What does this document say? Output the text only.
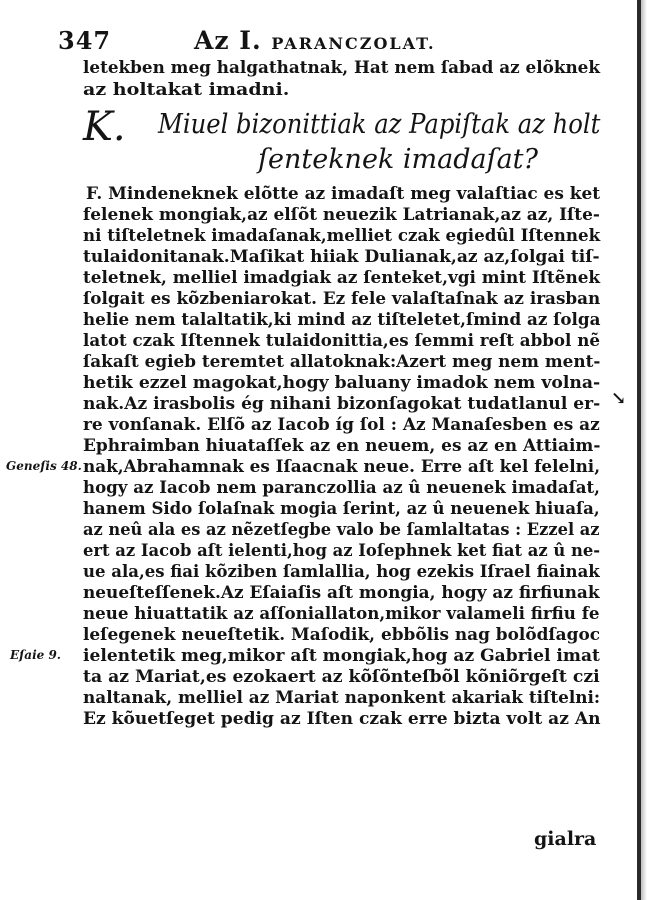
347	Az I. PARANCZOLAT.
letekben meg halgathatnak, Hat nem ſabad az elõknek
az holtakat imadni.
K. Miuel bizonittiak az Papiſtak az holt
ſenteknek imadaſat?
F. Mindeneknek elõtte az imadaſt meg valaſtiac es ket
felenek mongiak,az elſõt neuezik Latrianak,az az, Iſte-
ni tiſteletnek imadaſanak,melliet czak egiedûl Iſtennek
tulaidonitanak.Maſikat hiiak Dulianak,az az,ſolgai tiſ-
teletnek, melliel imadgiak az ſenteket,vgi mint Iſtẽnek
ſolgait es kõzbeniarokat. Ez fele valaſtaſnak az irasban
helie nem talaltatik,ki mind az tiſteletet,ſmind az ſolga
latot czak Iſtennek tulaidonittia,es ſemmi reſt abbol nẽ
ſakaſt egieb teremtet allatoknak:Azert meg nem ment-
hetik ezzel magokat,hogy baluany imadok nem volna-
nak.Az irasbolis ég nihani bizonſagokat tudatlanul er-
re vonſanak. Elſõ az Iacob íg ſol : Az Manaſesben es az
Ephraimban hiuataſſek az en neuem, es az en Attiaim-
nak,Abrahamnak es Iſaacnak neue. Erre aſt kel felelni,
hogy az Iacob nem paranczollia az û neuenek imadaſat,
hanem Sido ſolaſnak mogia ſerint, az û neuenek hiuaſa,
az neû ala es az nẽzetſegbe valo be ſamlaltatas : Ezzel az
ert az Iacob aſt ielenti,hog az Ioſephnek ket fiat az û ne-
ue ala,es fiai kõziben ſamlallia, hog ezekis Iſrael fiainak
neueſteſſenek.Az Eſaiaſis aſt mongia, hogy az firfiunak
neue hiuattatik az aſſoniallaton,mikor valameli firfiu fe
leſegenek neueſtetik. Maſodik, ebbõlis nag bolõdſagoc
ielentetik meg,mikor aſt mongiak,hog az Gabriel imat
ta az Mariat,es ezokaert az kõſõnteſbõl kõniõrgeſt czi
naltanak, melliel az Mariat naponkent akariak tiſtelni:
Ez kõuetſeget pedig az Iſten czak erre bizta volt az An
gialra
Geneſis 48.
Eſaie 9.
↘
